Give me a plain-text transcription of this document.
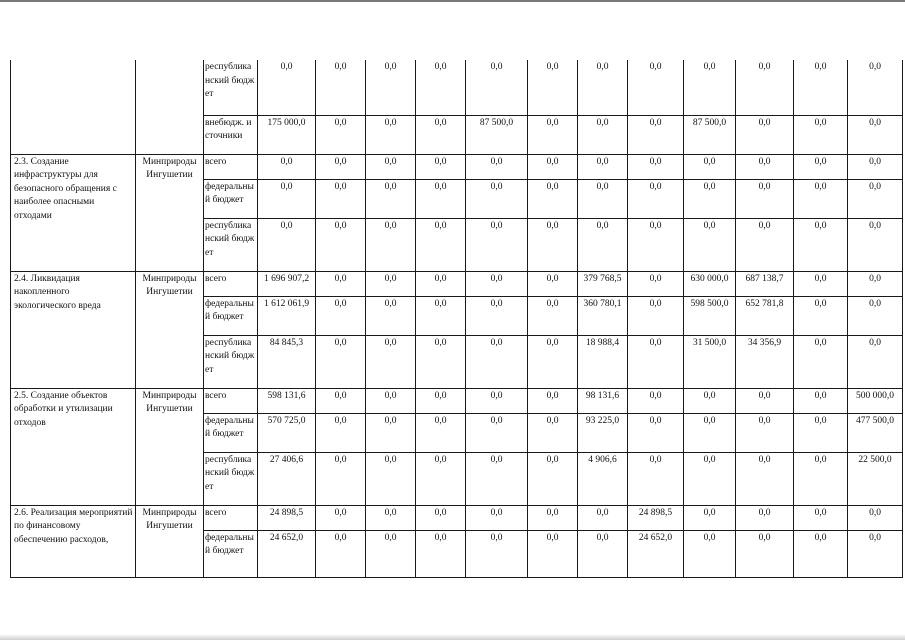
		республиканский бюджет	0,0	0,0	0,0	0,0	0,0	0,0	0,0	0,0	0,0	0,0	0,0	0,0
		внебюдж. источники	175 000,0	0,0	0,0	0,0	87 500,0	0,0	0,0	0,0	87 500,0	0,0	0,0	0,0
2.3. Создание инфраструктуры для безопасного обращения с наиболее опасными отходами	Минприроды Ингушетии	всего	0,0	0,0	0,0	0,0	0,0	0,0	0,0	0,0	0,0	0,0	0,0	0,0
		федеральный бюджет	0,0	0,0	0,0	0,0	0,0	0,0	0,0	0,0	0,0	0,0	0,0	0,0
		республиканский бюджет	0,0	0,0	0,0	0,0	0,0	0,0	0,0	0,0	0,0	0,0	0,0	0,0
2.4. Ликвидация накопленного экологического вреда	Минприроды Ингушетии	всего	1 696 907,2	0,0	0,0	0,0	0,0	0,0	379 768,5	0,0	630 000,0	687 138,7	0,0	0,0
		федеральный бюджет	1 612 061,9	0,0	0,0	0,0	0,0	0,0	360 780,1	0,0	598 500,0	652 781,8	0,0	0,0
		республиканский бюджет	84 845,3	0,0	0,0	0,0	0,0	0,0	18 988,4	0,0	31 500,0	34 356,9	0,0	0,0
2.5. Создание объектов обработки и утилизации отходов	Минприроды Ингушетии	всего	598 131,6	0,0	0,0	0,0	0,0	0,0	98 131,6	0,0	0,0	0,0	0,0	500 000,0
		федеральный бюджет	570 725,0	0,0	0,0	0,0	0,0	0,0	93 225,0	0,0	0,0	0,0	0,0	477 500,0
		республиканский бюджет	27 406,6	0,0	0,0	0,0	0,0	0,0	4 906,6	0,0	0,0	0,0	0,0	22 500,0
2.6. Реализация мероприятий по финансовому обеспечению расходов,	Минприроды Ингушетии	всего	24 898,5	0,0	0,0	0,0	0,0	0,0	0,0	24 898,5	0,0	0,0	0,0	0,0
		федеральный бюджет	24 652,0	0,0	0,0	0,0	0,0	0,0	0,0	24 652,0	0,0	0,0	0,0	0,0
